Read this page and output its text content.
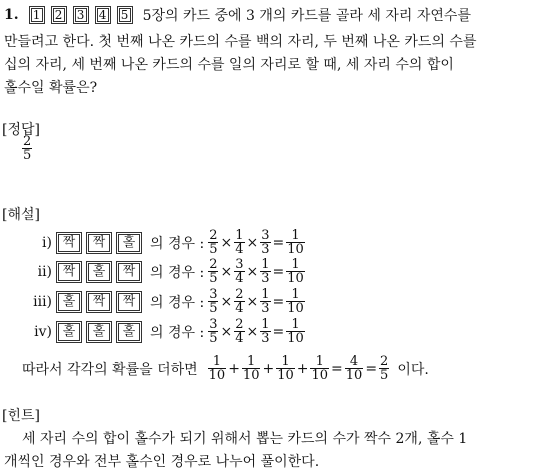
1.	1 2 3 4 5	5장의 카드 중에 3 개의 카드를 골라 세 자리 자연수를
만들려고 한다. 첫 번째 나온 카드의 수를 백의 자리, 두 번째 나온 카드의 수를
십의 자리, 세 번째 나온 카드의 수를 일의 자리로 할 때, 세 자리 수의 합이
홀수일 확률은?
[정답]
$\frac{2}{5}$
[해설]
ⅰ) 짝	짝	홀	의 경우 : $\frac{2}{5} \times \frac{1}{4} \times \frac{3}{3} = \frac{1}{10}$
ⅱ) 짝	홀	짝	의 경우 : $\frac{2}{5} \times \frac{3}{4} \times \frac{1}{3} = \frac{1}{10}$
ⅲ) 홀	짝	짝	의 경우 : $\frac{3}{5} \times \frac{2}{4} \times \frac{1}{3} = \frac{1}{10}$
ⅳ) 홀	홀	홀	의 경우 : $\frac{3}{5} \times \frac{2}{4} \times \frac{1}{3} = \frac{1}{10}$
따라서 각각의 확률을 더하면 $\frac{1}{10} + \frac{1}{10} + \frac{1}{10} + \frac{1}{10} = \frac{4}{10} = \frac{2}{5}$ 이다.
[힌트]
세 자리 수의 합이 홀수가 되기 위해서 뽑는 카드의 수가 짝수 2개, 홀수 1
개씩인 경우와 전부 홀수인 경우로 나누어 풀이한다.
